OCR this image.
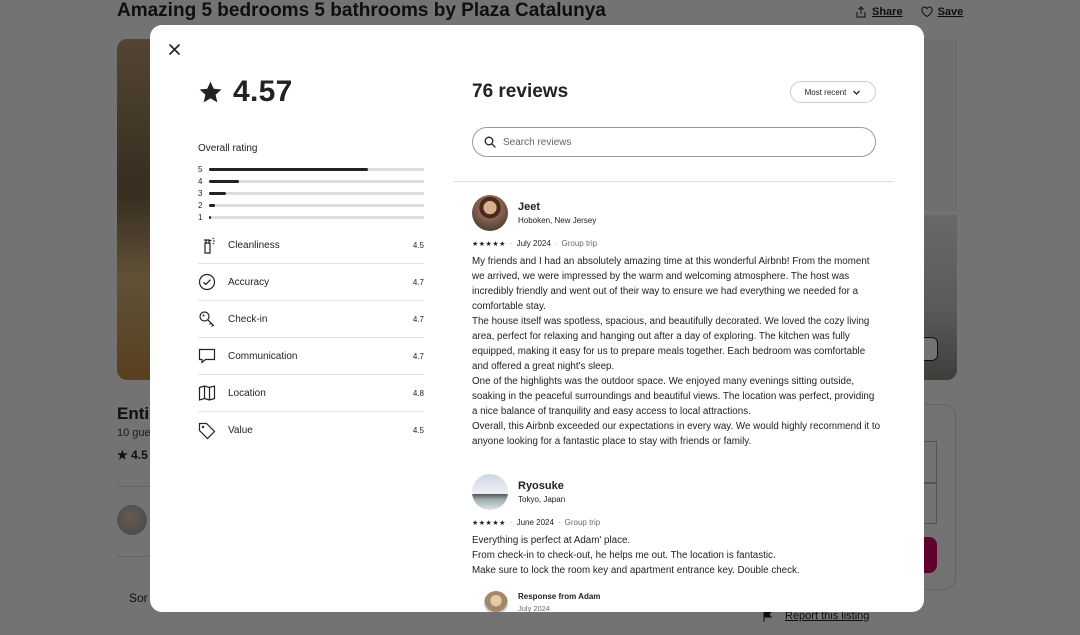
4.57
Overall rating
5
4
3
2
1
Cleanliness	4.5
Accuracy	4.7
Check-in	4.7
Communication	4.7
Location	4.8
Value	4.5
76 reviews	Most recent
Search reviews
Jeet
Hoboken, New Jersey
★★★★★ · July 2024 · Group trip

My friends and I had an absolutely amazing time at this wonderful Airbnb! From the moment we arrived, we were impressed by the warm and welcoming atmosphere. The host was incredibly friendly and went out of their way to ensure we had everything we needed for a comfortable stay.

The house itself was spotless, spacious, and beautifully decorated. We loved the cozy living area, perfect for relaxing and hanging out after a day of exploring. The kitchen was fully equipped, making it easy for us to prepare meals together. Each bedroom was comfortable and offered a great night's sleep.

One of the highlights was the outdoor space. We enjoyed many evenings sitting outside, soaking in the peaceful surroundings and beautiful views. The location was perfect, providing a nice balance of tranquility and easy access to local attractions.

Overall, this Airbnb exceeded our expectations in every way. We would highly recommend it to anyone looking for a fantastic place to stay with friends or family.

Ryosuke
Tokyo, Japan
★★★★★ · June 2024 · Group trip

Everything is perfect at Adam' place.

From check-in to check-out, he helps me out. The location is fantastic.

Make sure to lock the room key and apartment entrance key. Double check.

Response from Adam
July 2024
